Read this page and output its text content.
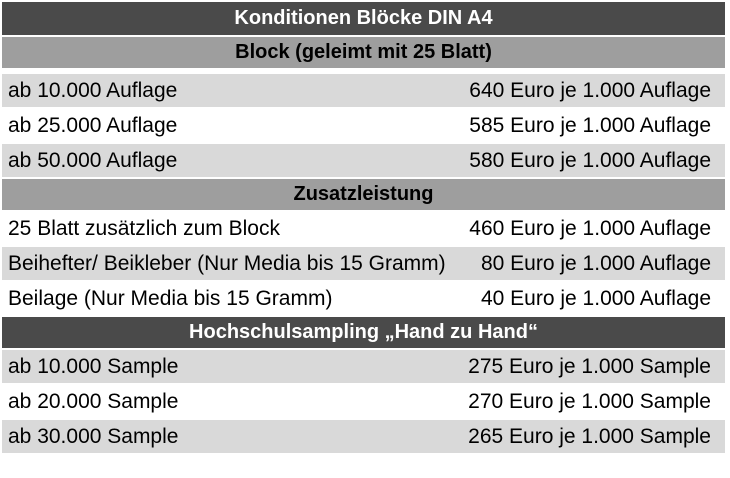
Konditionen Blöcke DIN A4
Block (geleimt mit 25 Blatt)
ab 10.000 Auflage	640 Euro je 1.000 Auflage
ab 25.000 Auflage	585 Euro je 1.000 Auflage
ab 50.000 Auflage	580 Euro je 1.000 Auflage
Zusatzleistung
25 Blatt zusätzlich zum Block	460 Euro je 1.000 Auflage
Beihefter/ Beikleber (Nur Media bis 15 Gramm) 80 Euro je 1.000 Auflage
Beilage (Nur Media bis 15 Gramm)	40 Euro je 1.000 Auflage
Hochschulsampling „Hand zu Hand“
ab 10.000 Sample	275 Euro je 1.000 Sample
ab 20.000 Sample	270 Euro je 1.000 Sample
ab 30.000 Sample	265 Euro je 1.000 Sample
